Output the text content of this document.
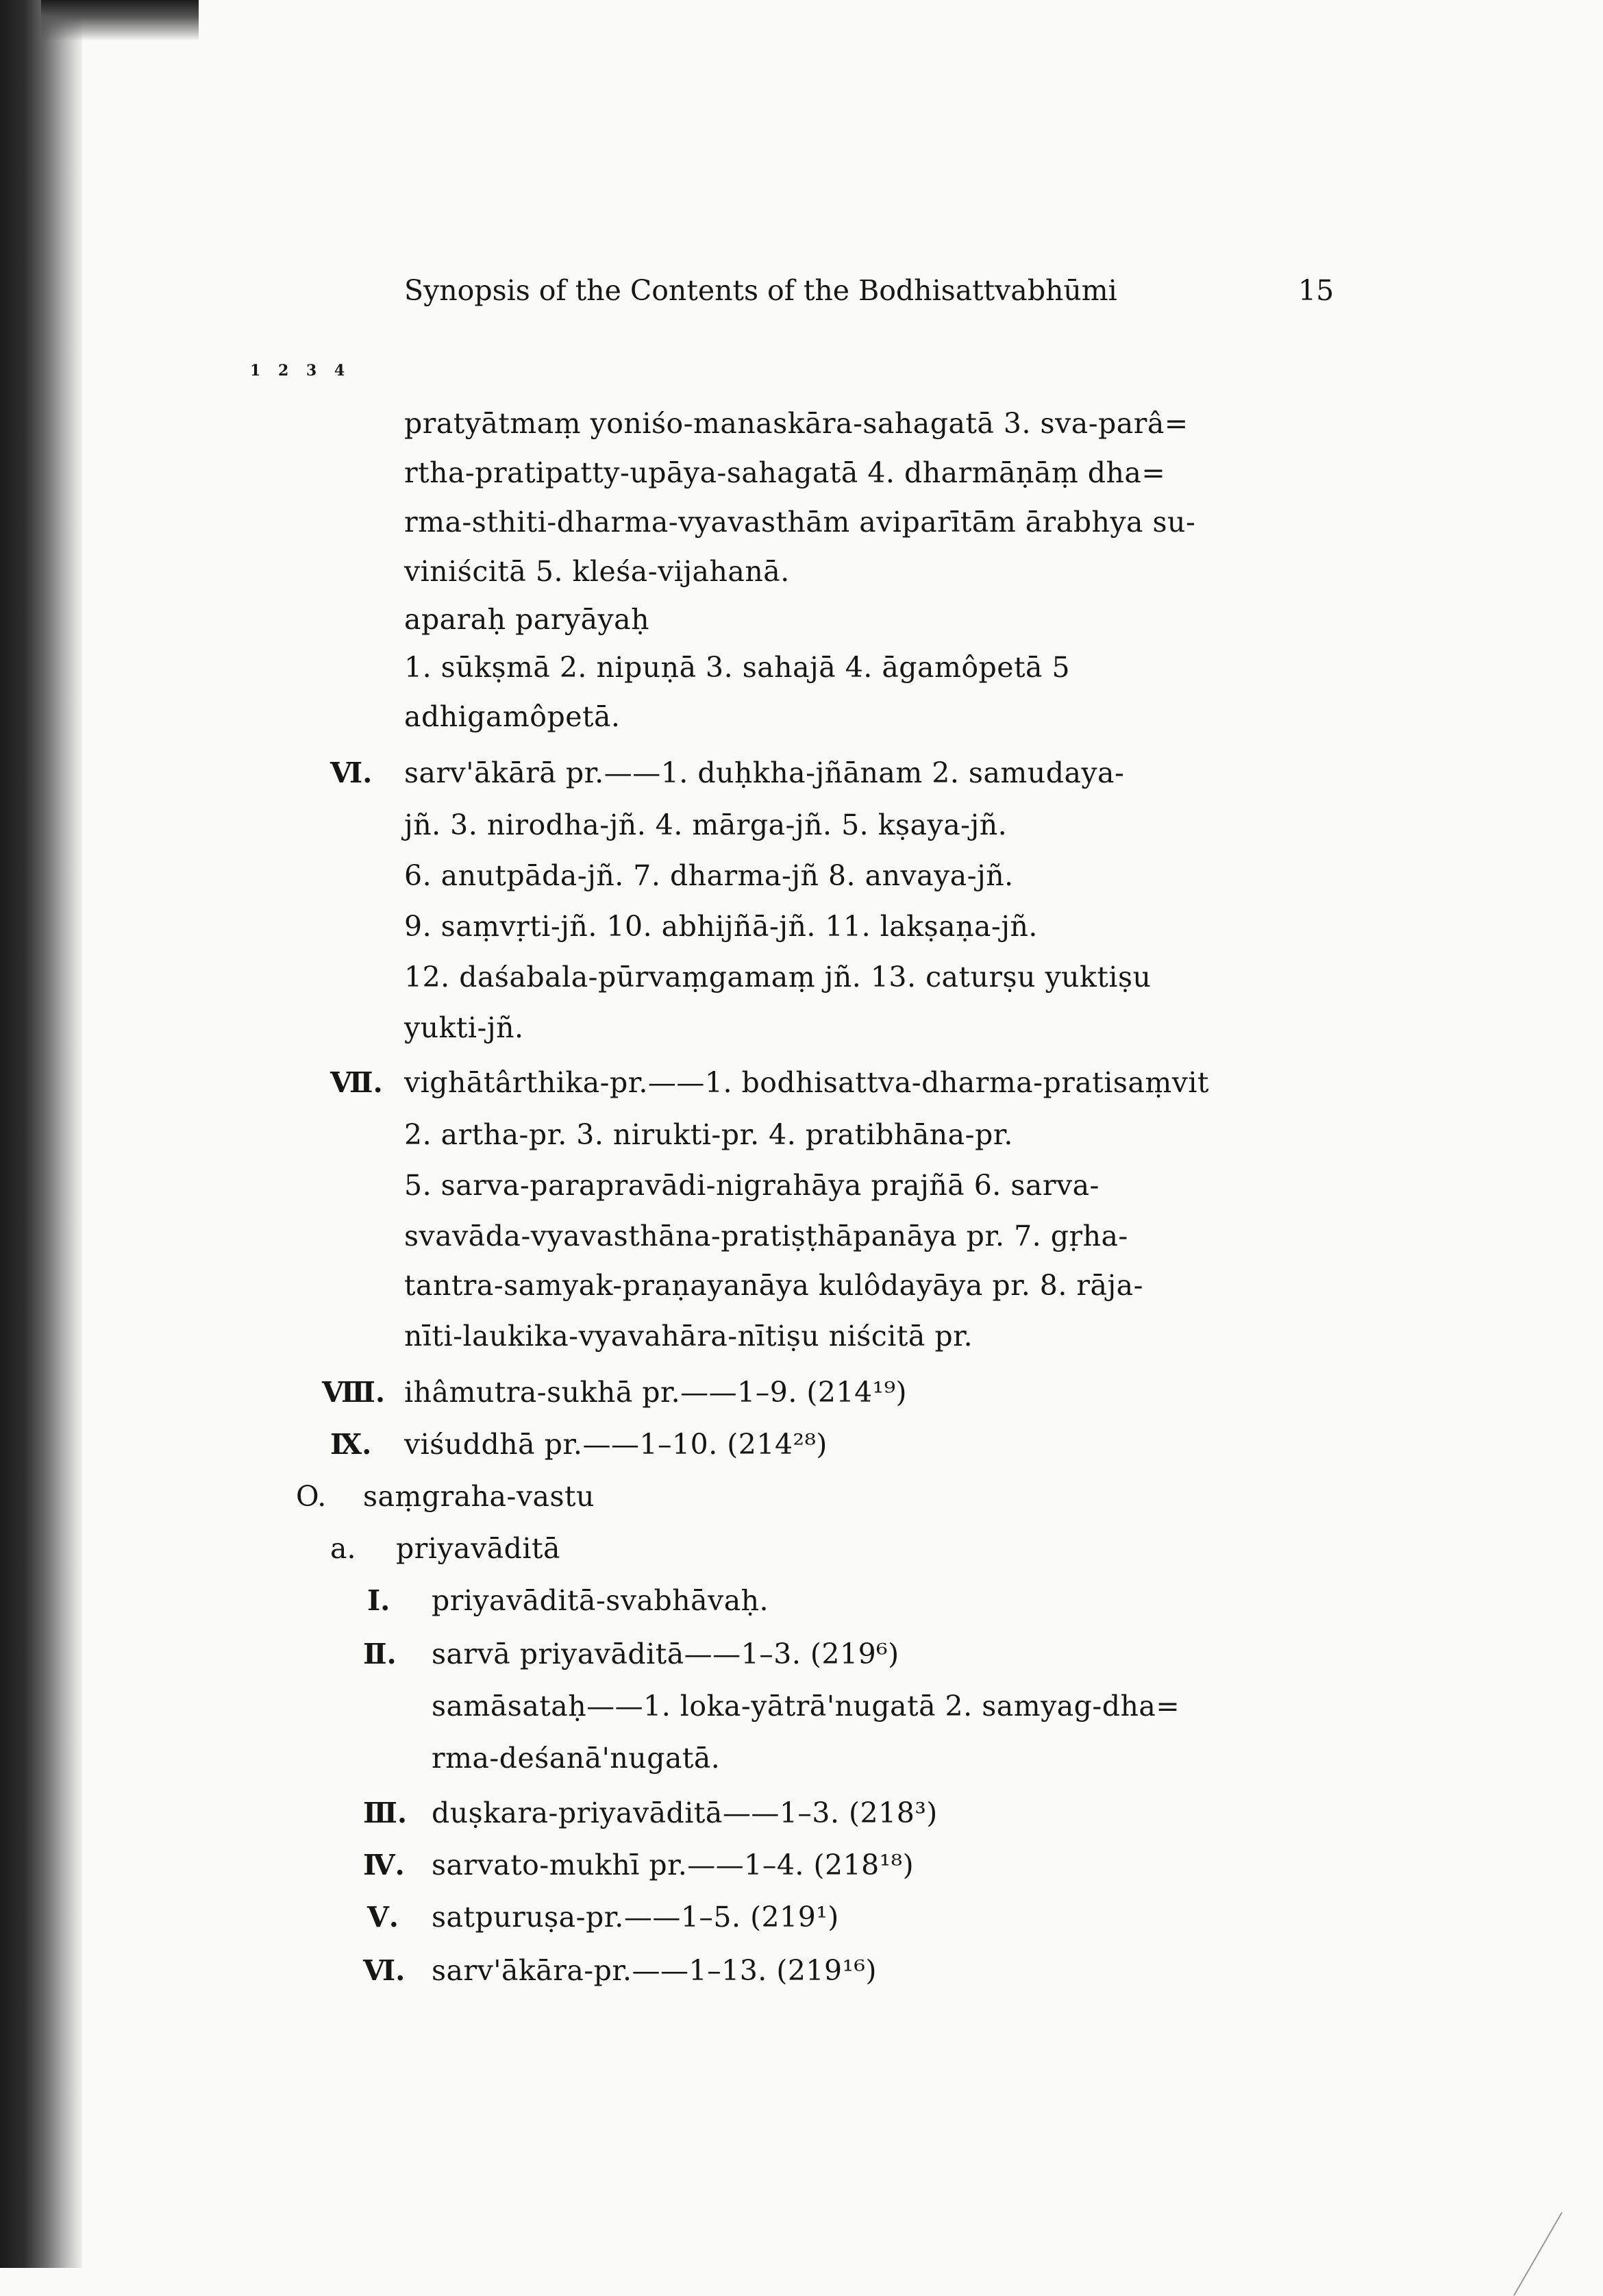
Synopsis of the Contents of the Bodhisattvabhūmi	15
1 2 3 4
pratyātmaṃ yoniśo-manaskāra-sahagatā 3. sva-parâ=
rtha-pratipatty-upāya-sahagatā 4. dharmāṇāṃ dha=
rma-sthiti-dharma-vyavasthām aviparītām ārabhya su-
viniścitā 5. kleśa-vijahanā.
aparaḥ paryāyaḥ
1. sūkṣmā 2. nipuṇā 3. sahajā 4. āgamôpetā 5
adhigamôpetā.
Ⅵ. sarv'ākārā pr.——1. duḥkha-jñānam 2. samudaya-
jñ. 3. nirodha-jñ. 4. mārga-jñ. 5. kṣaya-jñ.
6. anutpāda-jñ. 7. dharma-jñ 8. anvaya-jñ.
9. saṃvṛti-jñ. 10. abhijñā-jñ. 11. lakṣaṇa-jñ.
12. daśabala-pūrvaṃgamaṃ jñ. 13. caturṣu yuktiṣu
yukti-jñ.
Ⅶ. vighātârthika-pr.——1. bodhisattva-dharma-pratisaṃvit
2. artha-pr. 3. nirukti-pr. 4. pratibhāna-pr.
5. sarva-parapravādi-nigrahāya prajñā 6. sarva-
svavāda-vyavasthāna-pratiṣṭhāpanāya pr. 7. gṛha-
tantra-samyak-praṇayanāya kulôdayāya pr. 8. rāja-
nīti-laukika-vyavahāra-nītiṣu niścitā pr.
Ⅷ. ihâmutra-sukhā pr.——1–9. (214¹⁹)
Ⅸ. viśuddhā pr.——1–10. (214²⁸)
O. saṃgraha-vastu
a. priyavāditā
I. priyavāditā-svabhāvaḥ.
Ⅱ. sarvā priyavāditā——1–3. (219⁶)
samāsataḥ——1. loka-yātrā'nugatā 2. samyag-dha=
rma-deśanā'nugatā.
Ⅲ. duṣkara-priyavāditā——1–3. (218³)
Ⅳ. sarvato-mukhī pr.——1–4. (218¹⁸)
Ⅴ. satpuruṣa-pr.——1–5. (219¹)
Ⅵ. sarv'ākāra-pr.——1–13. (219¹⁶)
